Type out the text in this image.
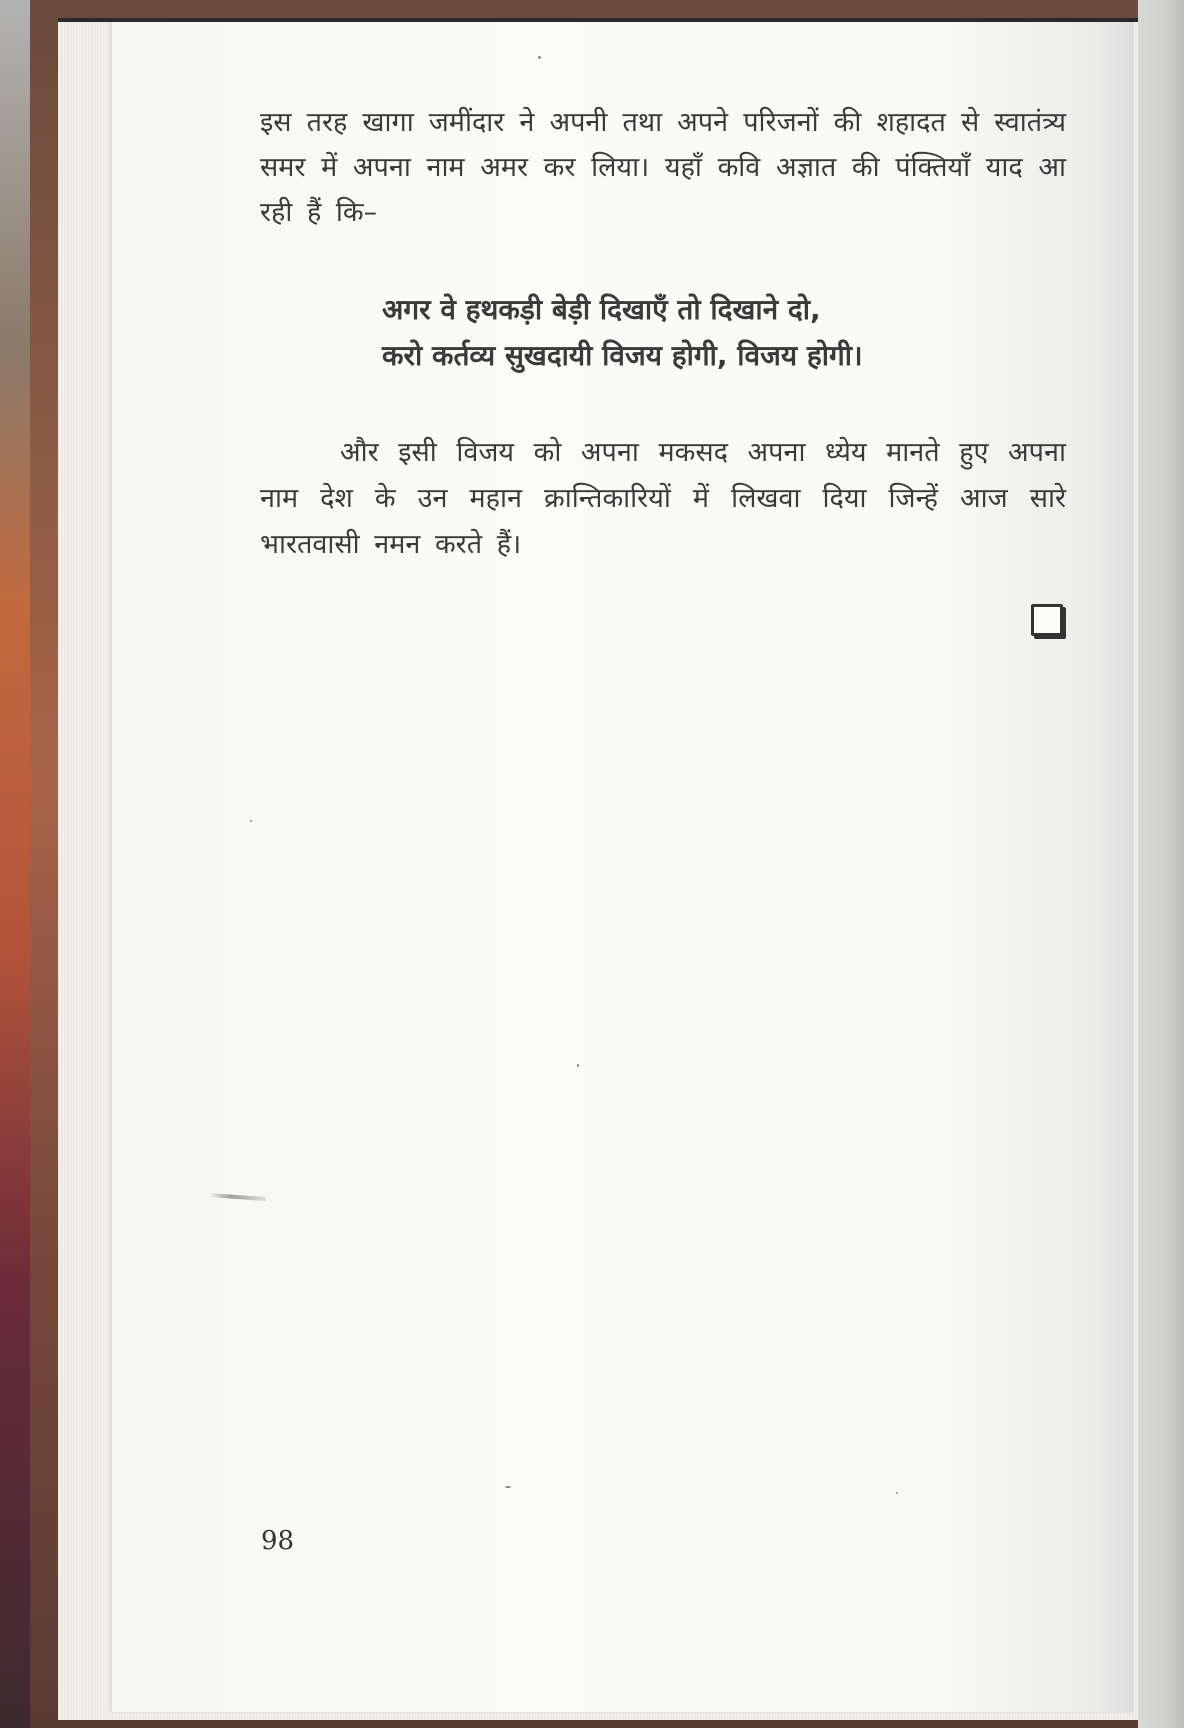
इस तरह खागा जमींदार ने अपनी तथा अपने परिजनों की शहादत से स्वातंत्र्य समर में अपना नाम अमर कर लिया। यहाँ कवि अज्ञात की पंक्तियाँ याद आ रही हैं कि–

अगर वे हथकड़ी बेड़ी दिखाएँ तो दिखाने दो,
करो कर्तव्य सुखदायी विजय होगी, विजय होगी।

और इसी विजय को अपना मकसद अपना ध्येय मानते हुए अपना नाम देश के उन महान क्रान्तिकारियों में लिखवा दिया जिन्हें आज सारे भारतवासी नमन करते हैं।

98
